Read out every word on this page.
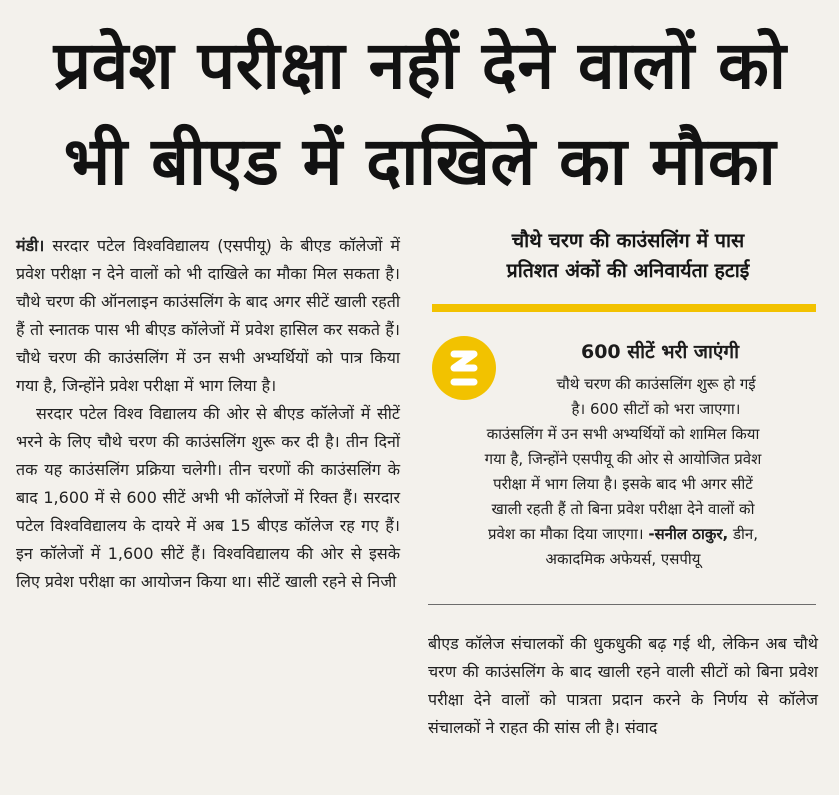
प्रवेश परीक्षा नहीं देने वालों को
भी बीएड में दाखिले का मौका

मंडी। सरदार पटेल विश्वविद्यालय (एसपीयू) के बीएड कॉलेजों में प्रवेश परीक्षा न देने वालों को भी दाखिले का मौका मिल सकता है। चौथे चरण की ऑनलाइन काउंसलिंग के बाद अगर सीटें खाली रहती हैं तो स्नातक पास भी बीएड कॉलेजों में प्रवेश हासिल कर सकते हैं। चौथे चरण की काउंसलिंग में उन सभी अभ्यर्थियों को पात्र किया गया है, जिन्होंने प्रवेश परीक्षा में भाग लिया है।

सरदार पटेल विश्व विद्यालय की ओर से बीएड कॉलेजों में सीटें भरने के लिए चौथे चरण की काउंसलिंग शुरू कर दी है। तीन दिनों तक यह काउंसलिंग प्रक्रिया चलेगी। तीन चरणों की काउंसलिंग के बाद 1,600 में से 600 सीटें अभी भी कॉलेजों में रिक्त हैं। सरदार पटेल विश्वविद्यालय के दायरे में अब 15 बीएड कॉलेज रह गए हैं। इन कॉलेजों में 1,600 सीटें हैं। विश्वविद्यालय की ओर से इसके लिए प्रवेश परीक्षा का आयोजन किया था। सीटें खाली रहने से निजी

चौथे चरण की काउंसलिंग में पास
प्रतिशत अंकों की अनिवार्यता हटाई
600 सीटें भरी जाएंगी
चौथे चरण की काउंसलिंग शुरू हो गई
है। 600 सीटों को भरा जाएगा।
काउंसलिंग में उन सभी अभ्यर्थियों को शामिल किया
गया है, जिन्होंने एसपीयू की ओर से आयोजित प्रवेश
परीक्षा में भाग लिया है। इसके बाद भी अगर सीटें
खाली रहती हैं तो बिना प्रवेश परीक्षा देने वालों को
प्रवेश का मौका दिया जाएगा। -सनील ठाकुर, डीन,
अकादमिक अफेयर्स, एसपीयू

बीएड कॉलेज संचालकों की धुकधुकी बढ़ गई थी, लेकिन अब चौथे चरण की काउंसलिंग के बाद खाली रहने वाली सीटों को बिना प्रवेश परीक्षा देने वालों को पात्रता प्रदान करने के निर्णय से कॉलेज संचालकों ने राहत की सांस ली है। संवाद
